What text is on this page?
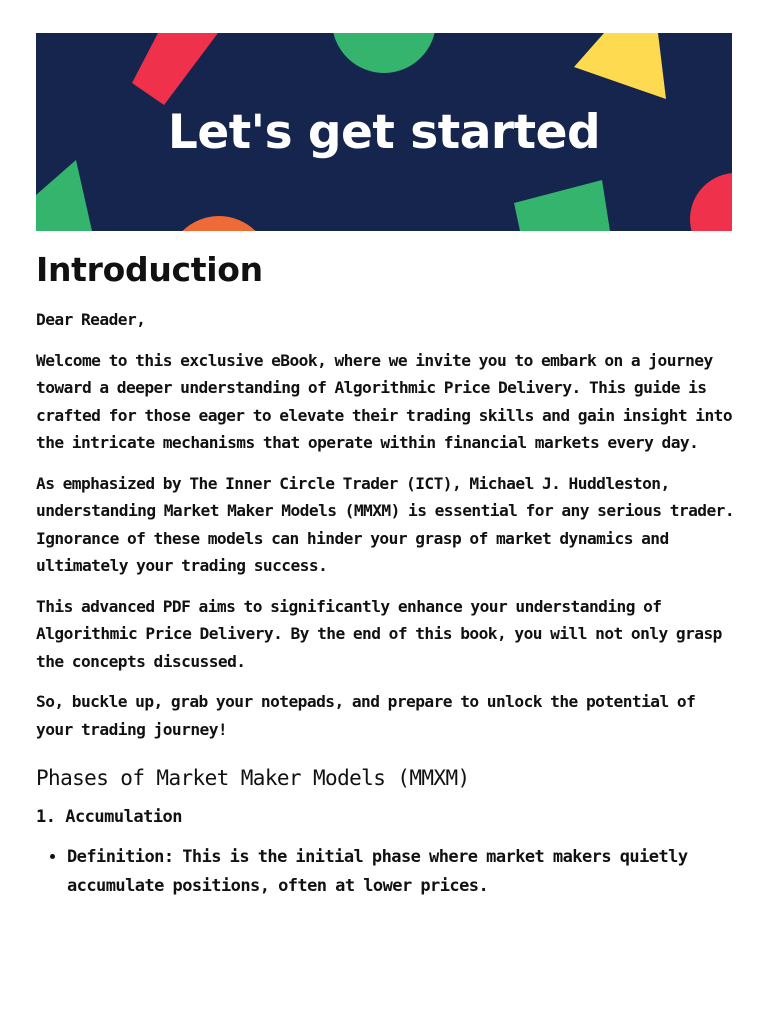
Let's get started
Introduction

Dear Reader,

Welcome to this exclusive eBook, where we invite you to embark on a journey toward a deeper understanding of Algorithmic Price Delivery. This guide is crafted for those eager to elevate their trading skills and gain insight into the intricate mechanisms that operate within financial markets every day.

As emphasized by The Inner Circle Trader (ICT), Michael J. Huddleston, understanding Market Maker Models (MMXM) is essential for any serious trader. Ignorance of these models can hinder your grasp of market dynamics and ultimately your trading success.

This advanced PDF aims to significantly enhance your understanding of Algorithmic Price Delivery. By the end of this book, you will not only grasp the concepts discussed.

So, buckle up, grab your notepads, and prepare to unlock the potential of your trading journey!

Phases of Market Maker Models (MMXM)
1. Accumulation
• Definition: This is the initial phase where market makers quietly accumulate positions, often at lower prices.
